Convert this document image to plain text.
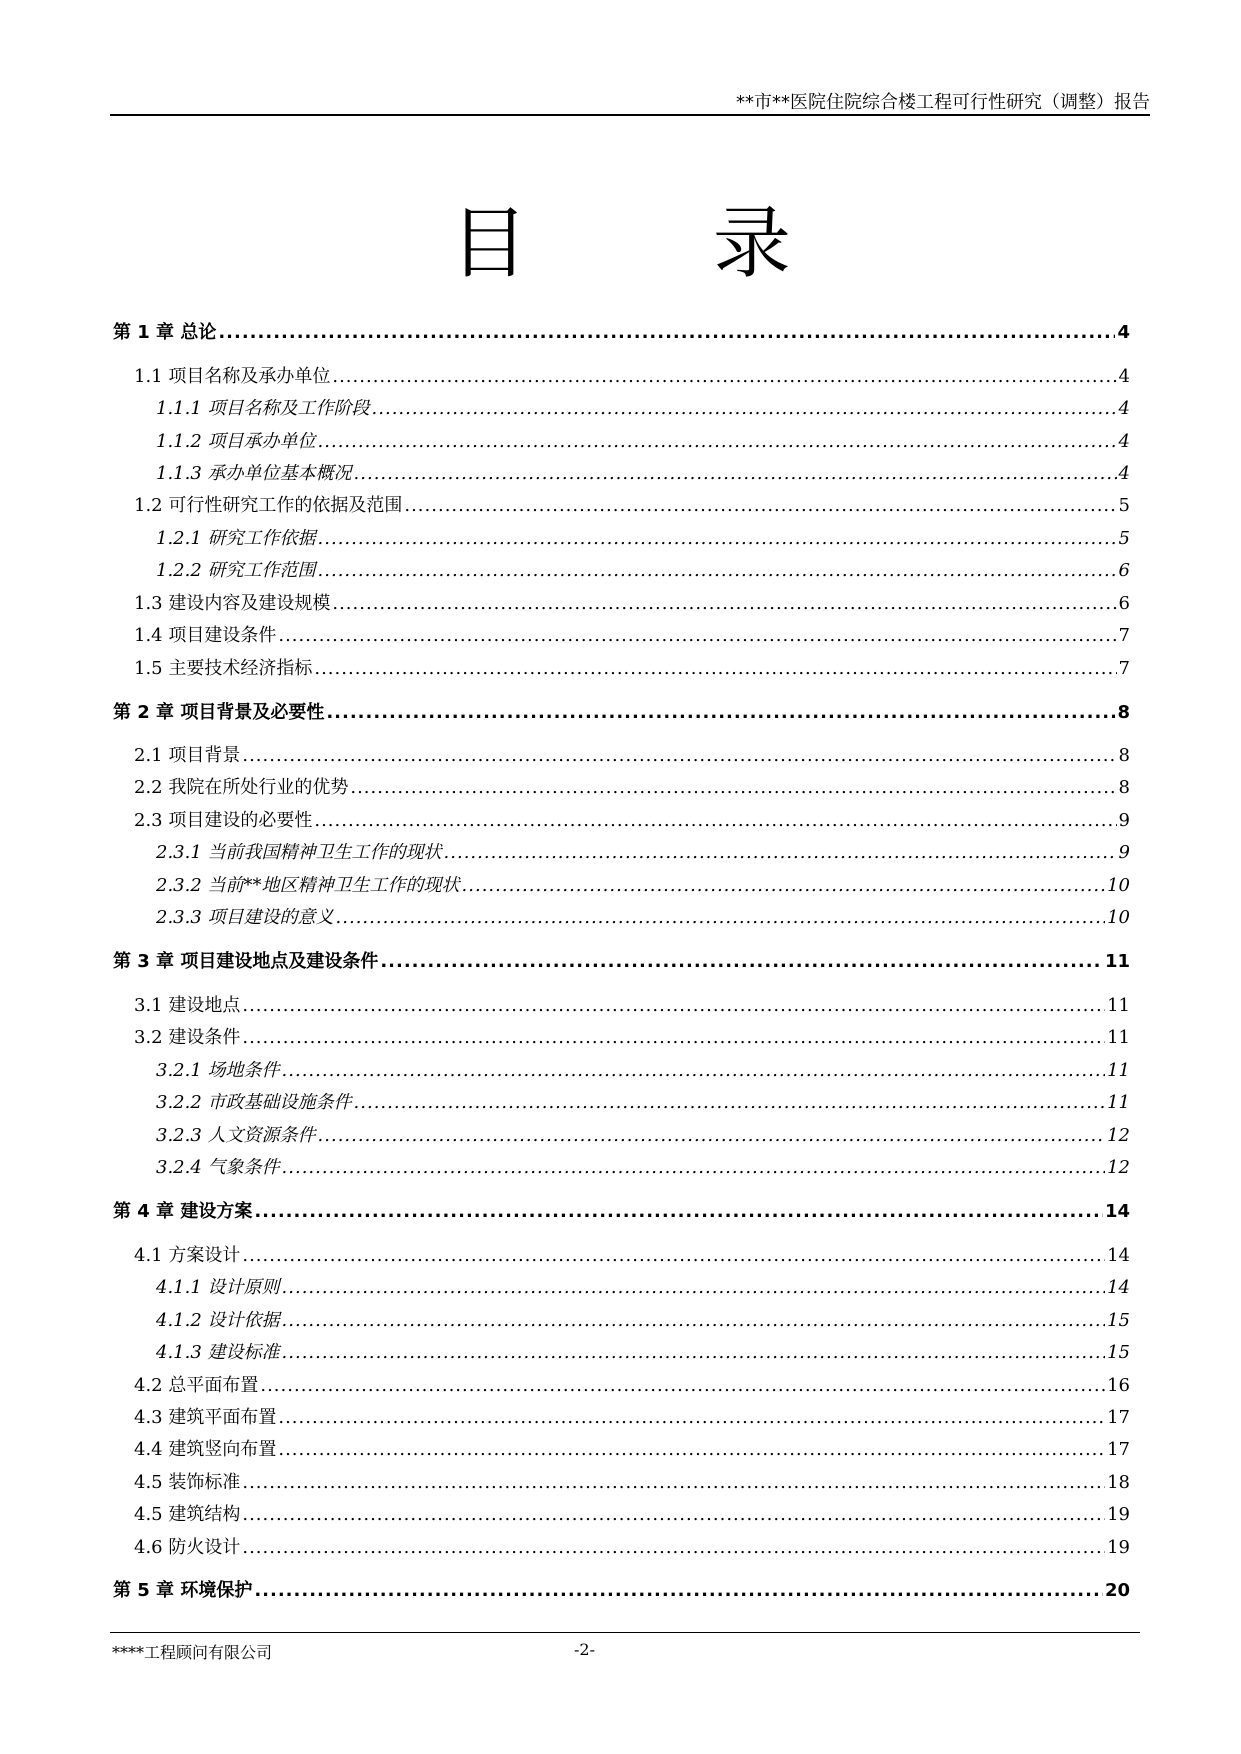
**市**医院住院综合楼工程可行性研究（调整）报告
目 录
第 1 章 总论 .....	4
1.1 项目名称及承办单位 .....	4
1.1.1 项目名称及工作阶段 .....	4
1.1.2 项目承办单位 .....	4
1.1.3 承办单位基本概况 .....	4
1.2 可行性研究工作的依据及范围 .....	5
1.2.1 研究工作依据 .....	5
1.2.2 研究工作范围 .....	6
1.3 建设内容及建设规模 .....	6
1.4 项目建设条件 .....	7
1.5 主要技术经济指标 .....	7
第 2 章 项目背景及必要性 .....	8
2.1 项目背景 .....	8
2.2 我院在所处行业的优势 .....	8
2.3 项目建设的必要性 .....	9
2.3.1 当前我国精神卫生工作的现状 .....	9
2.3.2 当前**地区精神卫生工作的现状 .....	10
2.3.3 项目建设的意义 .....	10
第 3 章 项目建设地点及建设条件 .....	11
3.1 建设地点 .....	11
3.2 建设条件 .....	11
3.2.1 场地条件 .....	11
3.2.2 市政基础设施条件 .....	11
3.2.3 人文资源条件 .....	12
3.2.4 气象条件 .....	12
第 4 章 建设方案 .....	14
4.1 方案设计 .....	14
4.1.1 设计原则 .....	14
4.1.2 设计依据 .....	15
4.1.3 建设标准 .....	15
4.2 总平面布置 .....	16
4.3 建筑平面布置 .....	17
4.4 建筑竖向布置 .....	17
4.5 装饰标准 .....	18
4.5 建筑结构 .....	19
4.6 防火设计 .....	19
第 5 章 环境保护 .....	20
****工程顾问有限公司	-2-
